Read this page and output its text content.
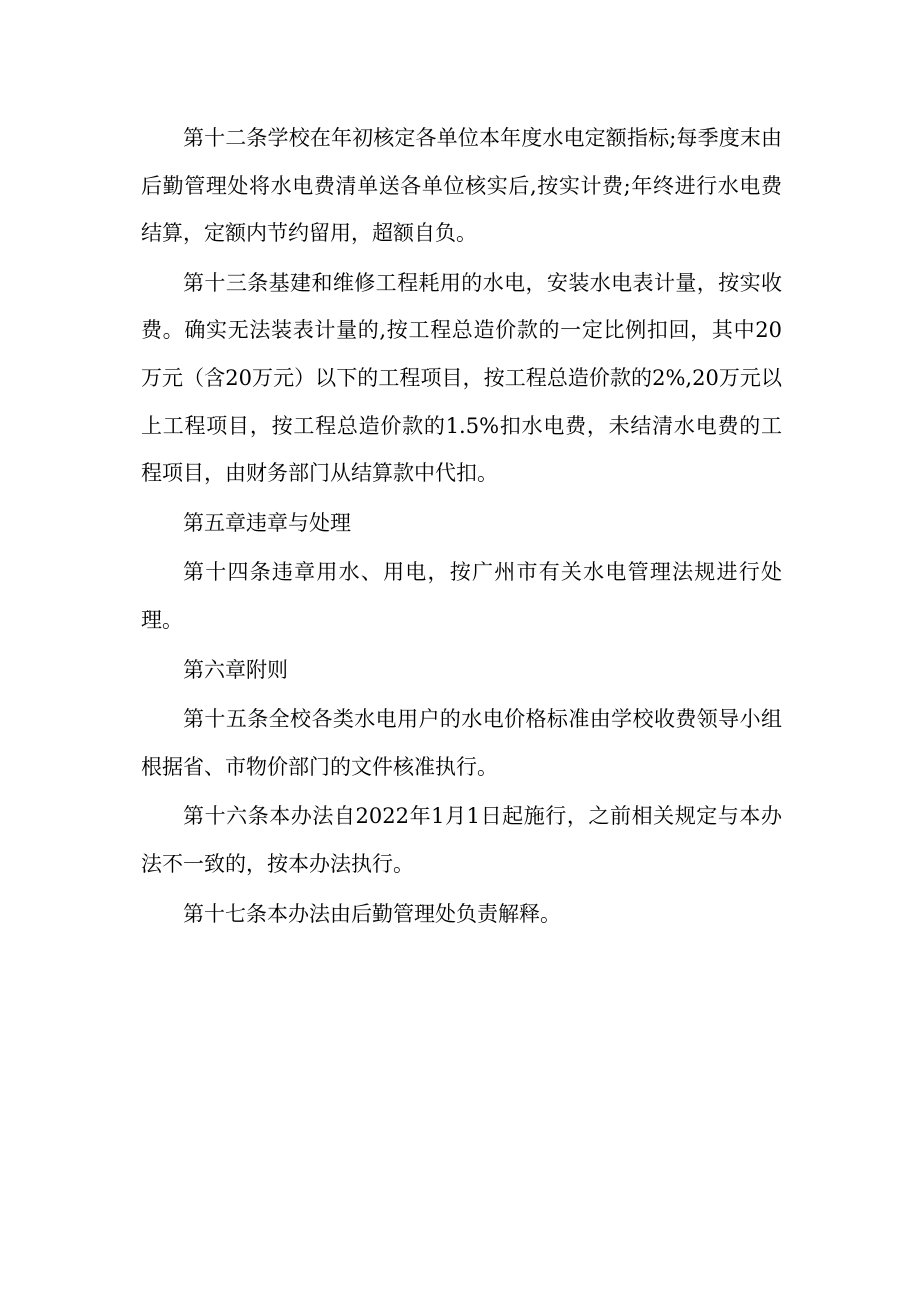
第十二条学校在年初核定各单位本年度水电定额指标;每季度末由后勤管理处将水电费清单送各单位核实后,按实计费;年终进行水电费结算，定额内节约留用，超额自负。

第十三条基建和维修工程耗用的水电，安装水电表计量，按实收费。确实无法装表计量的,按工程总造价款的一定比例扣回，其中20万元（含20万元）以下的工程项目，按工程总造价款的2%,20万元以上工程项目，按工程总造价款的1.5%扣水电费，未结清水电费的工程项目，由财务部门从结算款中代扣。

第五章违章与处理

第十四条违章用水、用电，按广州市有关水电管理法规进行处理。

第六章附则

第十五条全校各类水电用户的水电价格标准由学校收费领导小组根据省、市物价部门的文件核准执行。

第十六条本办法自2022年1月1日起施行，之前相关规定与本办法不一致的，按本办法执行。

第十七条本办法由后勤管理处负责解释。
